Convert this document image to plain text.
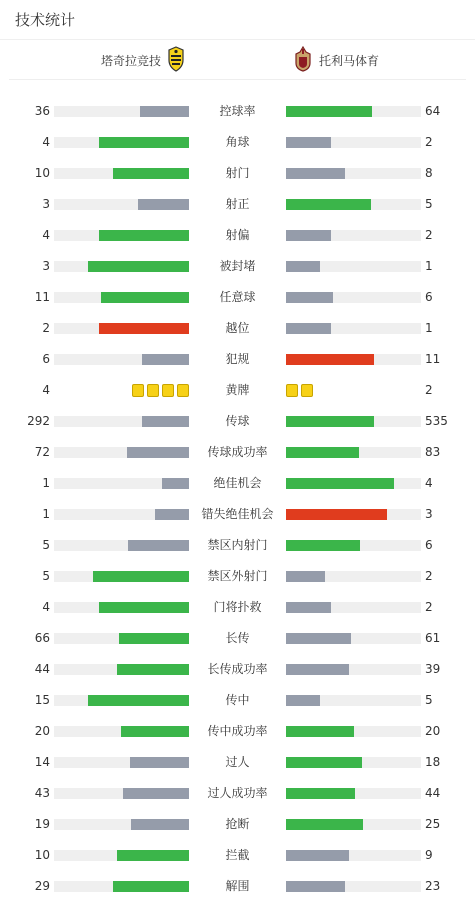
技术统计
塔奇拉竞技	托利马体育
36	控球率	64
4	角球	2
10	射门	8
3	射正	5
4	射偏	2
3	被封堵	1
11	任意球	6
2	越位	1
6	犯规	11
4	黄牌	2
292	传球	535
72	传球成功率	83
1	绝佳机会	4
1	错失绝佳机会	3
5	禁区内射门	6
5	禁区外射门	2
4	门将扑救	2
66	长传	61
44	长传成功率	39
15	传中	5
20	传中成功率	20
14	过人	18
43	过人成功率	44
19	抢断	25
10	拦截	9
29	解围	23
